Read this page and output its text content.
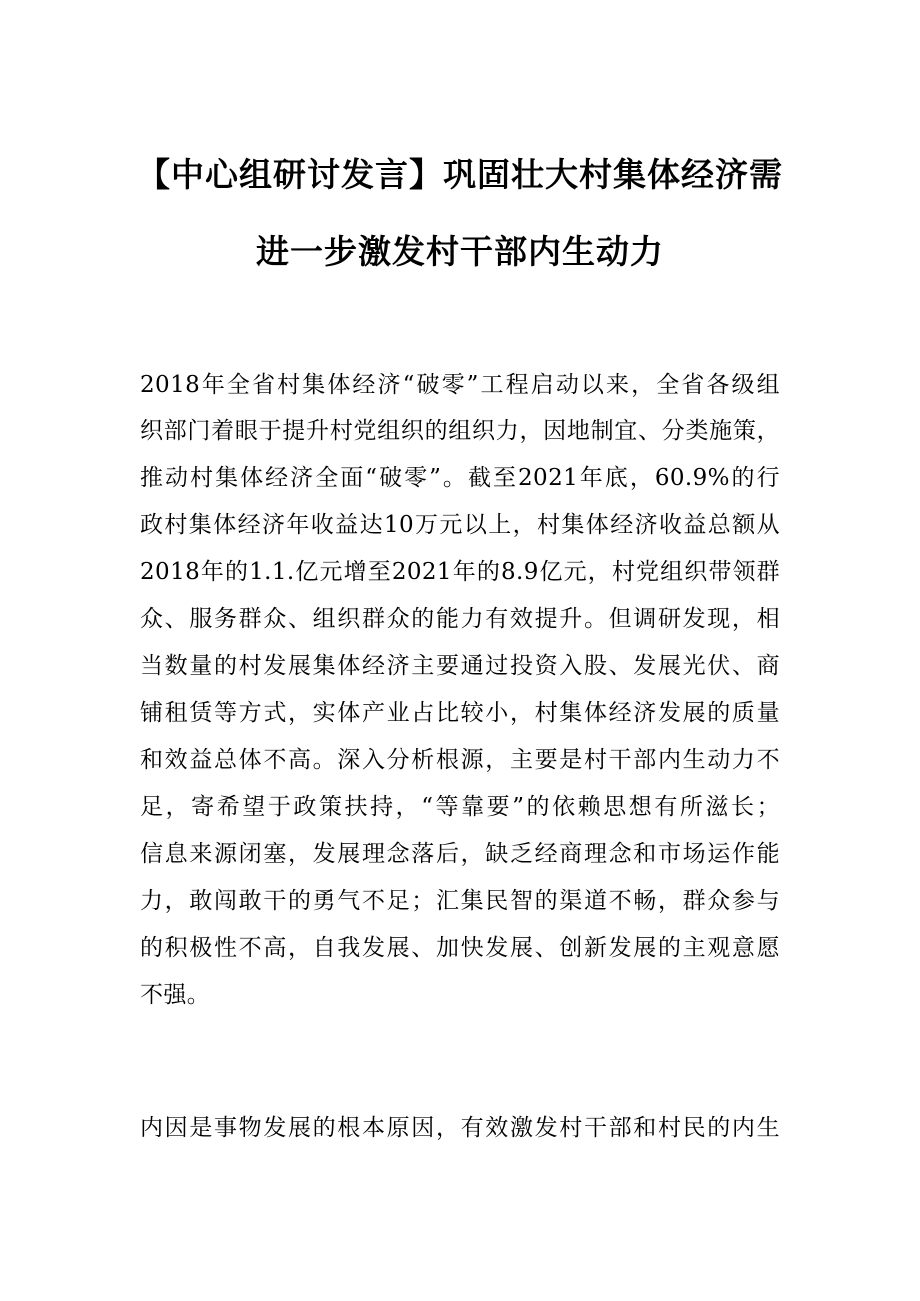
【中心组研讨发言】巩固壮大村集体经济需
进一步激发村干部内生动力
2018年全省村集体经济“破零”工程启动以来，全省各级组
织部门着眼于提升村党组织的组织力，因地制宜、分类施策，
推动村集体经济全面“破零”。截至2021年底，60.9%的行
政村集体经济年收益达10万元以上，村集体经济收益总额从
2018年的1.1.亿元增至2021年的8.9亿元，村党组织带领群
众、服务群众、组织群众的能力有效提升。但调研发现，相
当数量的村发展集体经济主要通过投资入股、发展光伏、商
铺租赁等方式，实体产业占比较小，村集体经济发展的质量
和效益总体不高。深入分析根源，主要是村干部内生动力不
足，寄希望于政策扶持，“等靠要”的依赖思想有所滋长；
信息来源闭塞，发展理念落后，缺乏经商理念和市场运作能
力，敢闯敢干的勇气不足；汇集民智的渠道不畅，群众参与
的积极性不高，自我发展、加快发展、创新发展的主观意愿
不强。
内因是事物发展的根本原因，有效激发村干部和村民的内生
